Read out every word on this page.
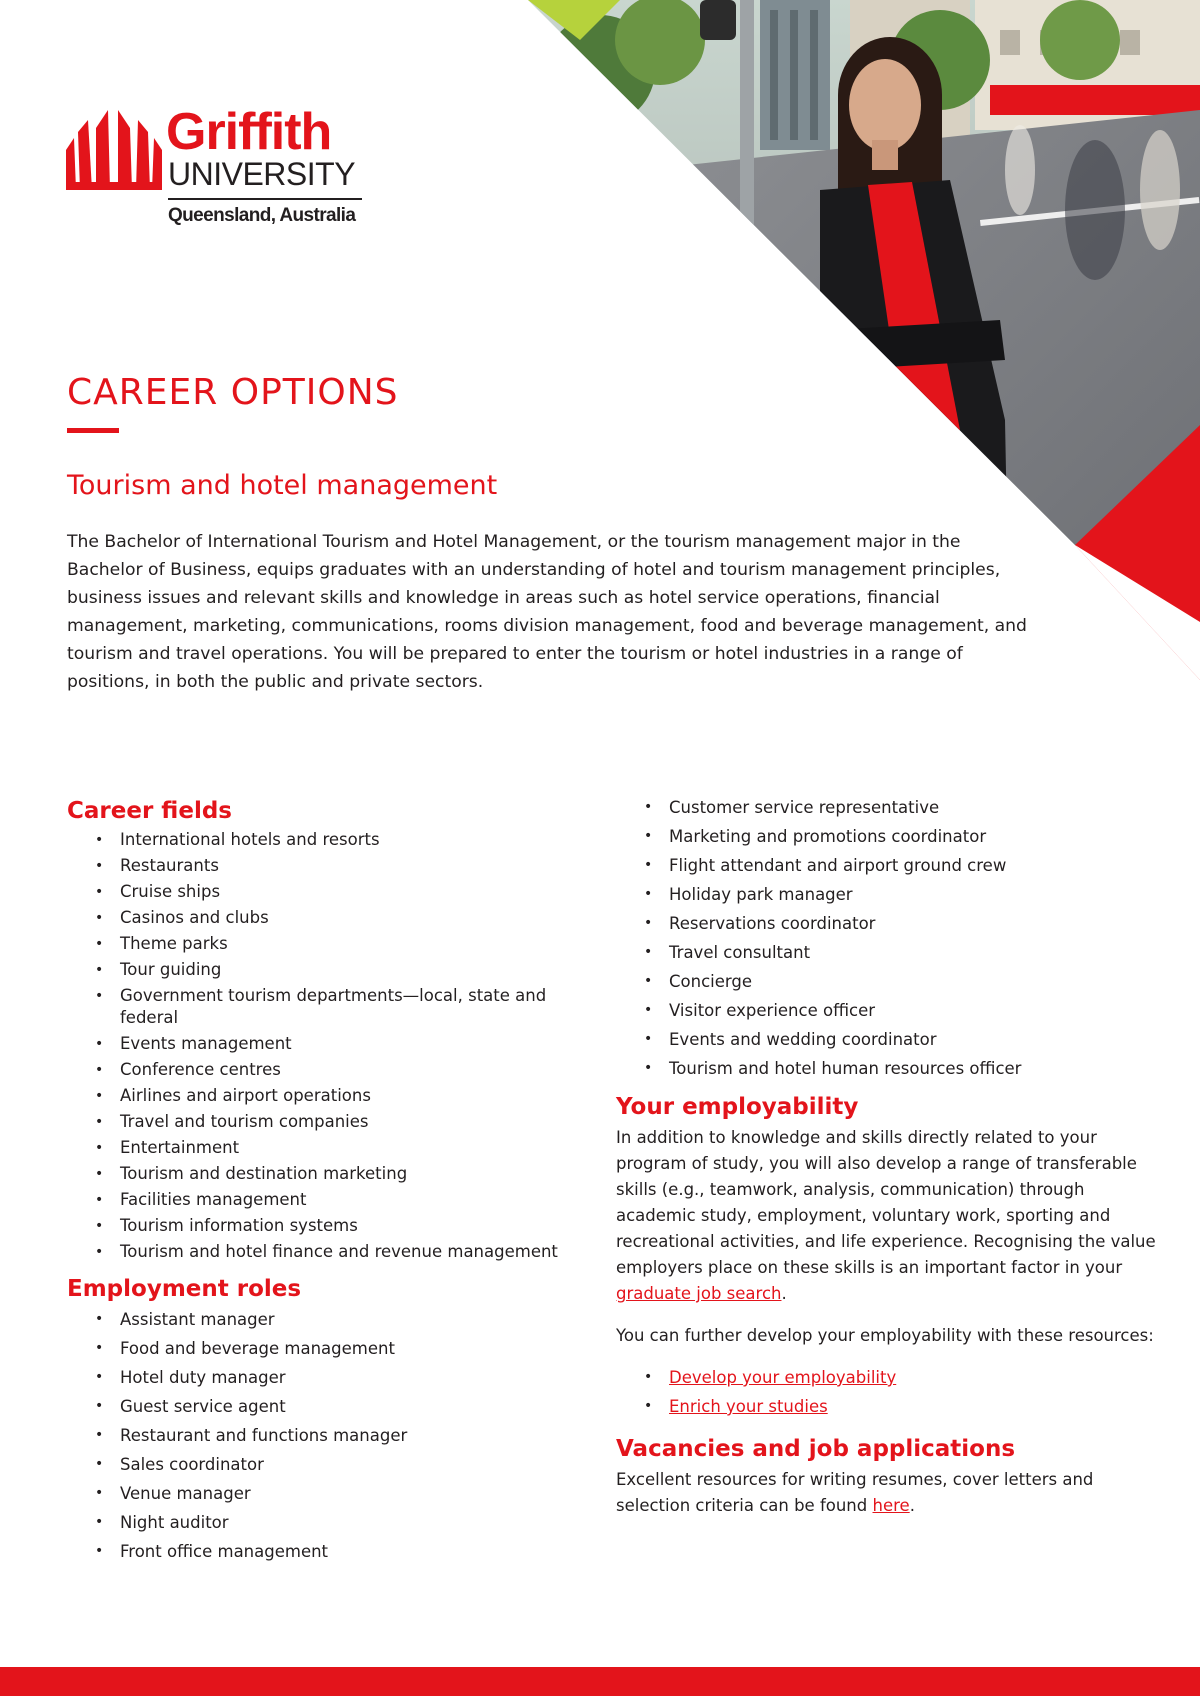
Griffith
UNIVERSITY
Queensland, Australia
CAREER OPTIONS
Tourism and hotel management

The Bachelor of International Tourism and Hotel Management, or the tourism management major in the Bachelor of Business, equips graduates with an understanding of hotel and tourism management principles, business issues and relevant skills and knowledge in areas such as hotel service operations, financial management, marketing, communications, rooms division management, food and beverage management, and tourism and travel operations. You will be prepared to enter the tourism or hotel industries in a range of positions, in both the public and private sectors.

Career fields
• International hotels and resorts
• Restaurants
• Cruise ships
• Casinos and clubs
• Theme parks
• Tour guiding
• Government tourism departments—local, state and federal
• Events management
• Conference centres
• Airlines and airport operations
• Travel and tourism companies
• Entertainment
• Tourism and destination marketing
• Facilities management
• Tourism information systems
• Tourism and hotel finance and revenue management
Employment roles
• Assistant manager
• Food and beverage management
• Hotel duty manager
• Guest service agent
• Restaurant and functions manager
• Sales coordinator
• Venue manager
• Night auditor
• Front office management
• Customer service representative
• Marketing and promotions coordinator
• Flight attendant and airport ground crew
• Holiday park manager
• Reservations coordinator
• Travel consultant
• Concierge
• Visitor experience officer
• Events and wedding coordinator
• Tourism and hotel human resources officer
Your employability

In addition to knowledge and skills directly related to your program of study, you will also develop a range of transferable skills (e.g., teamwork, analysis, communication) through academic study, employment, voluntary work, sporting and recreational activities, and life experience. Recognising the value employers place on these skills is an important factor in your graduate job search.

You can further develop your employability with these resources:

• Develop your employability
• Enrich your studies
Vacancies and job applications

Excellent resources for writing resumes, cover letters and selection criteria can be found here.
